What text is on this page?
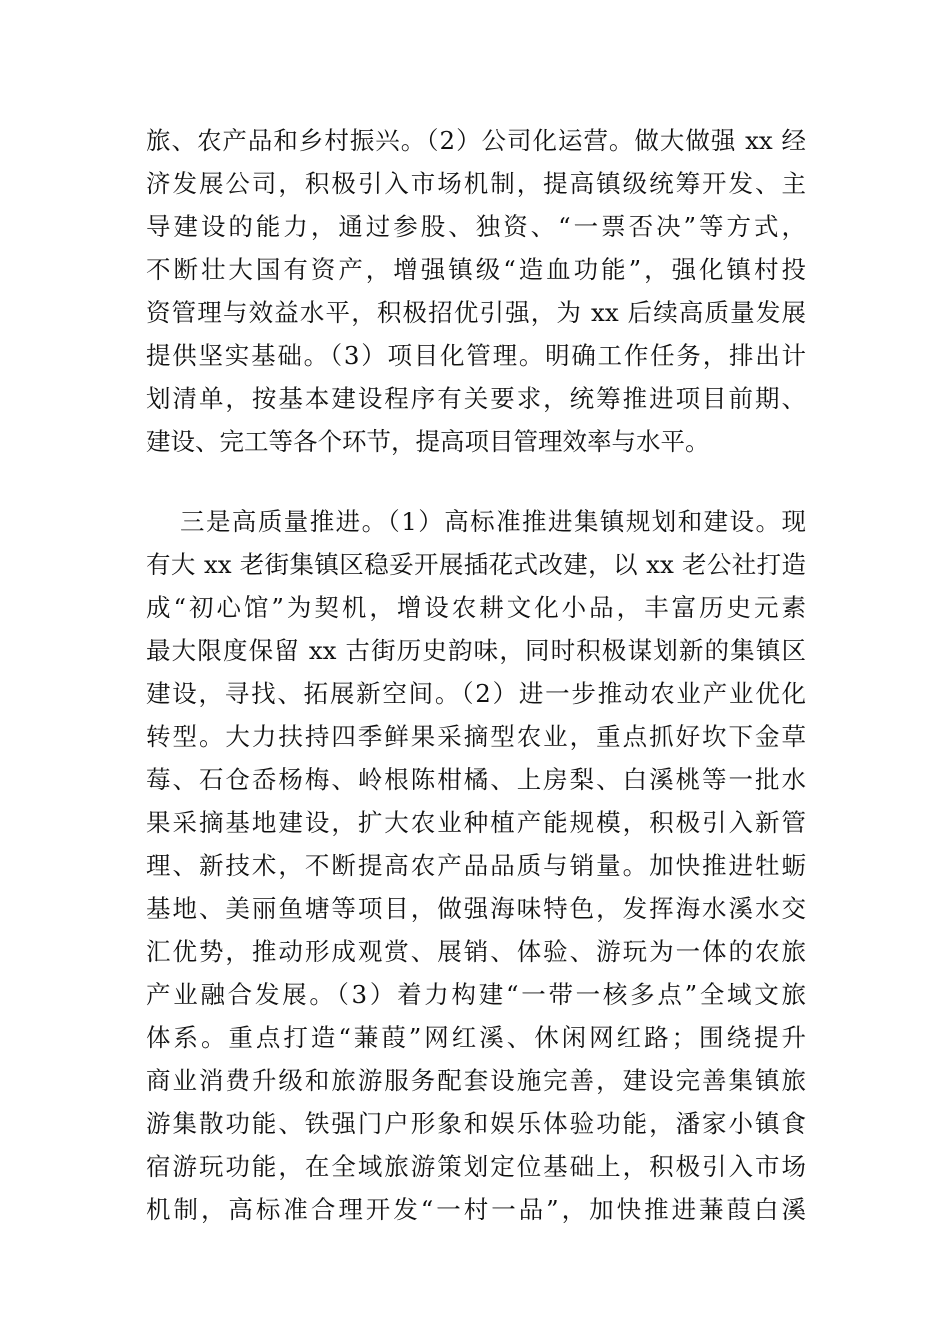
旅、农产品和乡村振兴。（2）公司化运营。做大做强 xx 经
济发展公司，积极引入市场机制，提高镇级统筹开发、主
导建设的能力，通过参股、独资、“一票否决”等方式，
不断壮大国有资产，增强镇级“造血功能”，强化镇村投
资管理与效益水平，积极招优引强，为 xx 后续高质量发展
提供坚实基础。（3）项目化管理。明确工作任务，排出计
划清单，按基本建设程序有关要求，统筹推进项目前期、
建设、完工等各个环节，提高项目管理效率与水平。
三是高质量推进。（1）高标准推进集镇规划和建设。现
有大 xx 老街集镇区稳妥开展插花式改建，以 xx 老公社打造
成“初心馆”为契机，增设农耕文化小品，丰富历史元素
最大限度保留 xx 古街历史韵味，同时积极谋划新的集镇区
建设，寻找、拓展新空间。（2）进一步推动农业产业优化
转型。大力扶持四季鲜果采摘型农业，重点抓好坎下金草
莓、石仓岙杨梅、岭根陈柑橘、上房梨、白溪桃等一批水
果采摘基地建设，扩大农业种植产能规模，积极引入新管
理、新技术，不断提高农产品品质与销量。加快推进牡蛎
基地、美丽鱼塘等项目，做强海味特色，发挥海水溪水交
汇优势，推动形成观赏、展销、体验、游玩为一体的农旅
产业融合发展。（3）着力构建“一带一核多点”全域文旅
体系。重点打造“蒹葭”网红溪、休闲网红路；围绕提升
商业消费升级和旅游服务配套设施完善，建设完善集镇旅
游集散功能、铁强门户形象和娱乐体验功能，潘家小镇食
宿游玩功能，在全域旅游策划定位基础上，积极引入市场
机制，高标准合理开发“一村一品”，加快推进蒹葭白溪
